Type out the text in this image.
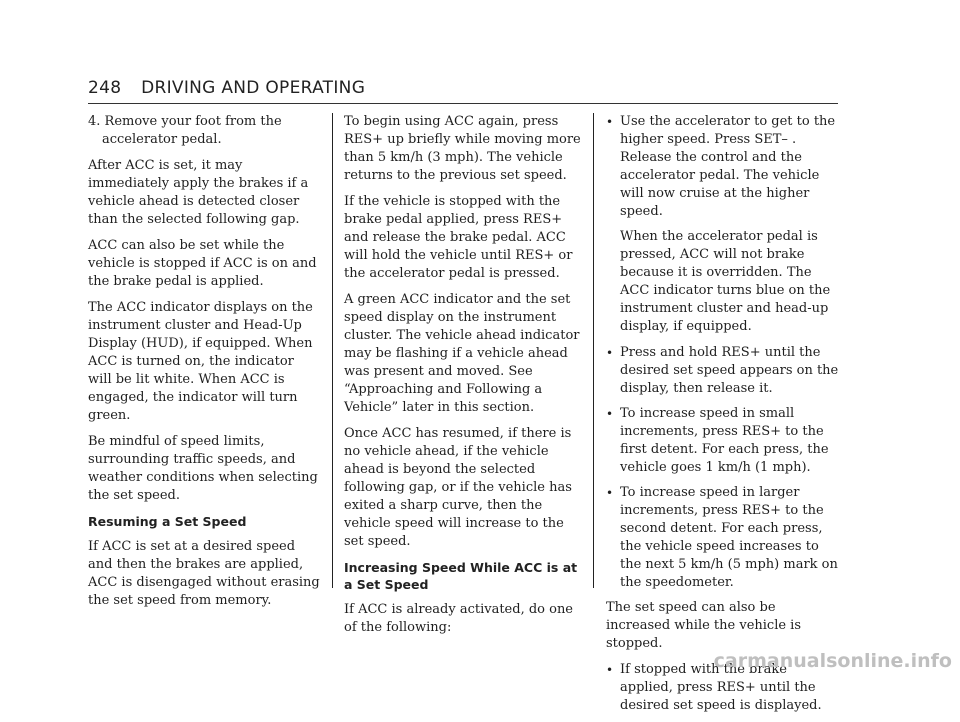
248 DRIVING AND OPERATING

4. Remove your foot from the accelerator pedal.

After ACC is set, it may immediately apply the brakes if a vehicle ahead is detected closer than the selected following gap.

ACC can also be set while the vehicle is stopped if ACC is on and the brake pedal is applied.

The ACC indicator displays on the instrument cluster and Head-Up Display (HUD), if equipped. When ACC is turned on, the indicator will be lit white. When ACC is engaged, the indicator will turn green.

Be mindful of speed limits, surrounding traffic speeds, and weather conditions when selecting the set speed.

Resuming a Set Speed

If ACC is set at a desired speed and then the brakes are applied, ACC is disengaged without erasing the set speed from memory.

To begin using ACC again, press RES+ up briefly while moving more than 5 km/h (3 mph). The vehicle returns to the previous set speed.

If the vehicle is stopped with the brake pedal applied, press RES+ and release the brake pedal. ACC will hold the vehicle until RES+ or the accelerator pedal is pressed.

A green ACC indicator and the set speed display on the instrument cluster. The vehicle ahead indicator may be flashing if a vehicle ahead was present and moved. See “Approaching and Following a Vehicle” later in this section.

Once ACC has resumed, if there is no vehicle ahead, if the vehicle ahead is beyond the selected following gap, or if the vehicle has exited a sharp curve, then the vehicle speed will increase to the set speed.

Increasing Speed While ACC is at a Set Speed

If ACC is already activated, do one of the following:

• Use the accelerator to get to the higher speed. Press SET– . Release the control and the accelerator pedal. The vehicle will now cruise at the higher speed.

When the accelerator pedal is pressed, ACC will not brake because it is overridden. The ACC indicator turns blue on the instrument cluster and head-up display, if equipped.

• Press and hold RES+ until the desired set speed appears on the display, then release it.
• To increase speed in small increments, press RES+ to the first detent. For each press, the vehicle goes 1 km/h (1 mph).
• To increase speed in larger increments, press RES+ to the second detent. For each press, the vehicle speed increases to the next 5 km/h (5 mph) mark on the speedometer.

The set speed can also be increased while the vehicle is stopped.

• If stopped with the brake applied, press RES+ until the desired set speed is displayed.
carmanualsonline.info
